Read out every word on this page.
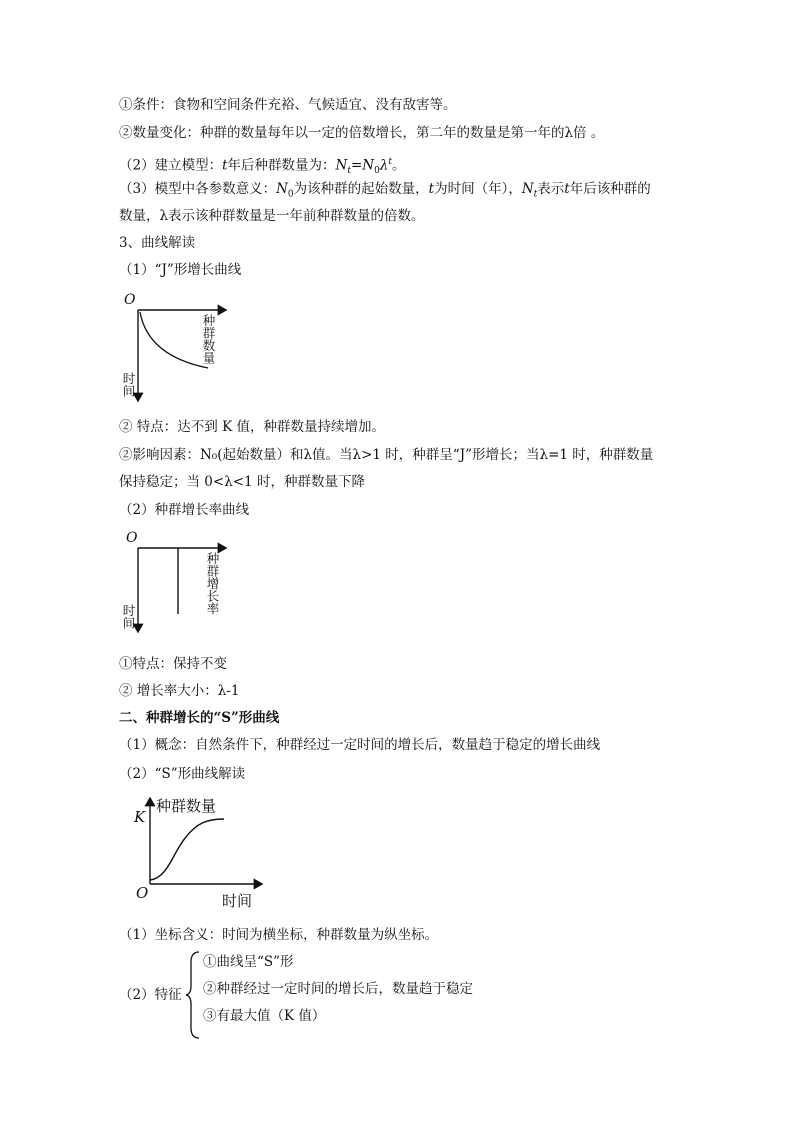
①条件：食物和空间条件充裕、气候适宜、没有敌害等。
②数量变化：种群的数量每年以一定的倍数增长，第二年的数量是第一年的λ倍 。
（2）建立模型：t年后种群数量为：$N_t=N_0\lambda^t$。
（3）模型中各参数意义：$N_0$为该种群的起始数量，t为时间（年），$N_t$表示t年后该种群的
数量，λ表示该种群数量是一年前种群数量的倍数。
3、曲线解读
（1）“J”形增长曲线
O
种群数量
时间
② 特点：达不到 K 值，种群数量持续增加。
②影响因素：N₀(起始数量）和λ值。当λ>1 时，种群呈“J”形增长；当λ=1 时，种群数量
保持稳定；当 0<λ<1 时，种群数量下降
（2）种群增长率曲线
O
种群增长率
时间
①特点：保持不变
② 增长率大小：λ-1
二、种群增长的“S”形曲线
（1）概念：自然条件下，种群经过一定时间的增长后，数量趋于稳定的增长曲线
（2）“S”形曲线解读
种群数量
K
O	时间
（1）坐标含义：时间为横坐标，种群数量为纵坐标。
（2）特征
①曲线呈“S”形
②种群经过一定时间的增长后，数量趋于稳定
③有最大值（K 值）
